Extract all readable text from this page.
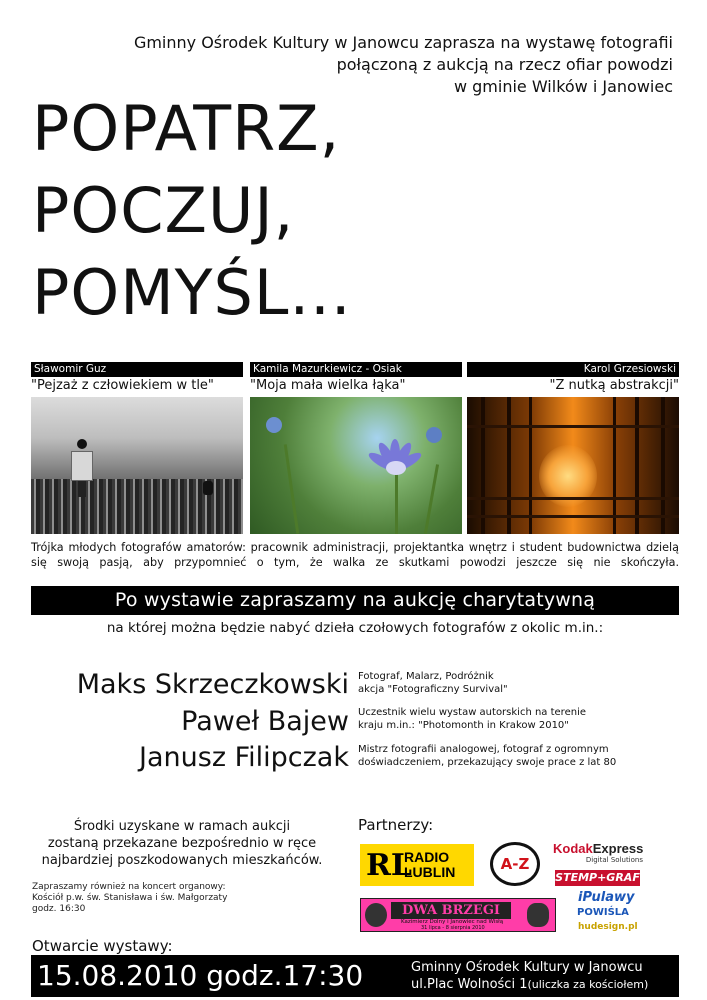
Gminny Ośrodek Kultury w Janowcu zaprasza na wystawę fotografii
połączoną z aukcją na rzecz ofiar powodzi
w gminie Wilków i Janowiec
POPATRZ,
POCZUJ,
POMYŚL...
Sławomir Guz
"Pejzaż z człowiekiem w tle"
Kamila Mazurkiewicz - Osiak
"Moja mała wielka łąka"
Karol Grzesiowski
"Z nutką abstrakcji"
Trójka młodych fotografów amatorów: pracownik administracji, projektantka wnętrz i student budownictwa dzielą się swoją pasją, aby przypomnieć o tym, że walka ze skutkami powodzi jeszcze się nie skończyła.
Po wystawie zapraszamy na aukcję charytatywną
na której można będzie nabyć dzieła czołowych fotografów z okolic m.in.:
Maks Skrzeczkowski Fotograf, Malarz, Podróżnik
akcja "Fotograficzny Survival"
Paweł Bajew Uczestnik wielu wystaw autorskich na terenie
kraju m.in.: "Photomonth in Krakow 2010"
Janusz Filipczak Mistrz fotografii analogowej, fotograf z ogromnym
doświadczeniem, przekazujący swoje prace z lat 80
Środki uzyskane w ramach aukcji
zostaną przekazane bezpośrednio w ręce
najbardziej poszkodowanych mieszkańców.
Zapraszamy również na koncert organowy:
Kościół p.w. św. Stanisława i św. Małgorzaty
godz. 16:30
Partnerzy:
RL
RADIO
LUBLIN	A-Z
KodakExpress
Digital Solutions
STEMP+GRAF
DWA BRZEGI
Kazimierz Dolny i Janowiec nad Wisłą
31 lipca - 8 sierpnia 2010
iPulawy
POWIŚLA
hudesign.pl
Otwarcie wystawy:
15.08.2010 godz.17:30	Gminny Ośrodek Kultury w Janowcu
ul.Plac Wolności 1(uliczka za kościołem)
